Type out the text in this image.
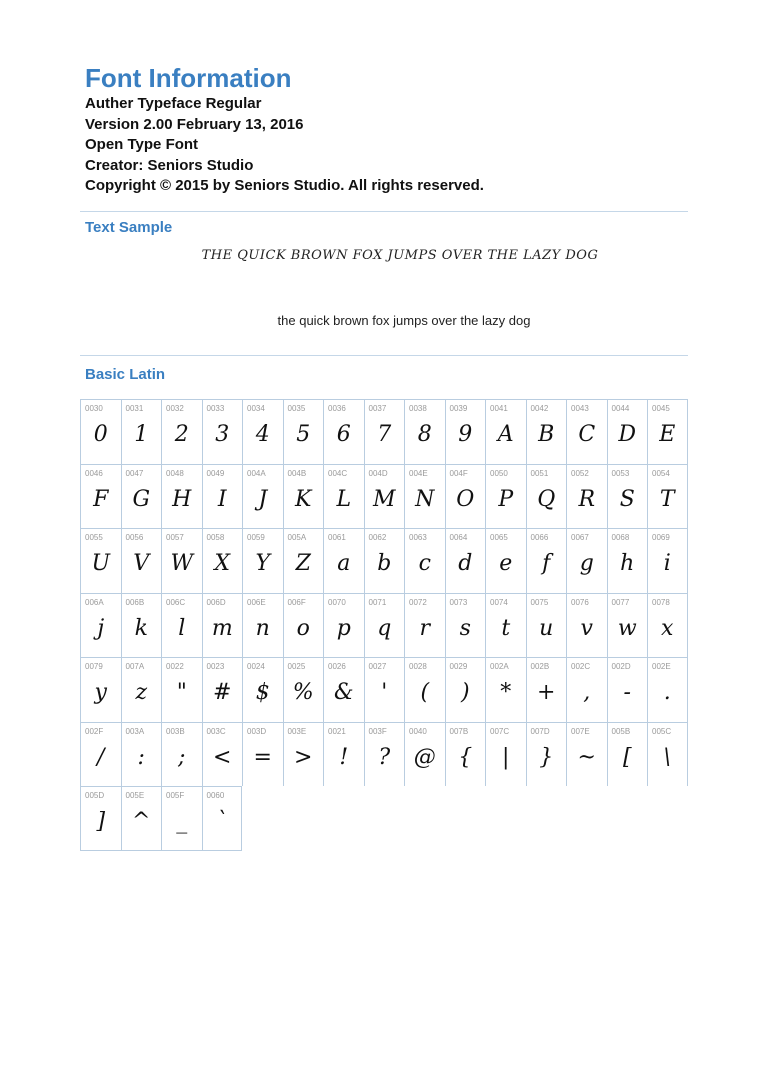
Font Information
Auther Typeface Regular
Version 2.00 February 13, 2016
Open Type Font
Creator: Seniors Studio
Copyright © 2015 by Seniors Studio. All rights reserved.
Text Sample
THE QUICK BROWN FOX JUMPS OVER THE LAZY DOG
the quick brown fox jumps over the lazy dog
Basic Latin
0030
0
0031
1
0032
2
0033
3
0034
4
0035
5
0036
6
0037
7
0038
8
0039
9
0041
A
0042
B
0043
C
0044
D
0045
E
0046
F
0047
G
0048
H
0049
I
004A
J
004B
K
004C
L
004D
M
004E
N
004F
O
0050
P
0051
Q
0052
R
0053
S
0054
T
0055
U
0056
V
0057
W
0058
X
0059
Y
005A
Z
0061
a
0062
b
0063
c
0064
d
0065
e
0066
f
0067
g
0068
h
0069
i
006A
j
006B
k
006C
l
006D
m
006E
n
006F
o
0070
p
0071
q
0072
r
0073
s
0074
t
0075
u
0076
v
0077
w
0078
x
0079
y
007A
z
0022
"
0023
#
0024
$
0025
%
0026
&
0027
'
0028
(
0029
)
002A
*
002B
+
002C
,
002D
-
002E
.
002F
/
003A
:
003B
;
003C
<
003D
=
003E
>
0021
!
003F
?
0040
@
007B
{
007C
|
007D
}
007E
~
005B
[
005C
\
005D
]
005E
^
005F
_
0060
`
